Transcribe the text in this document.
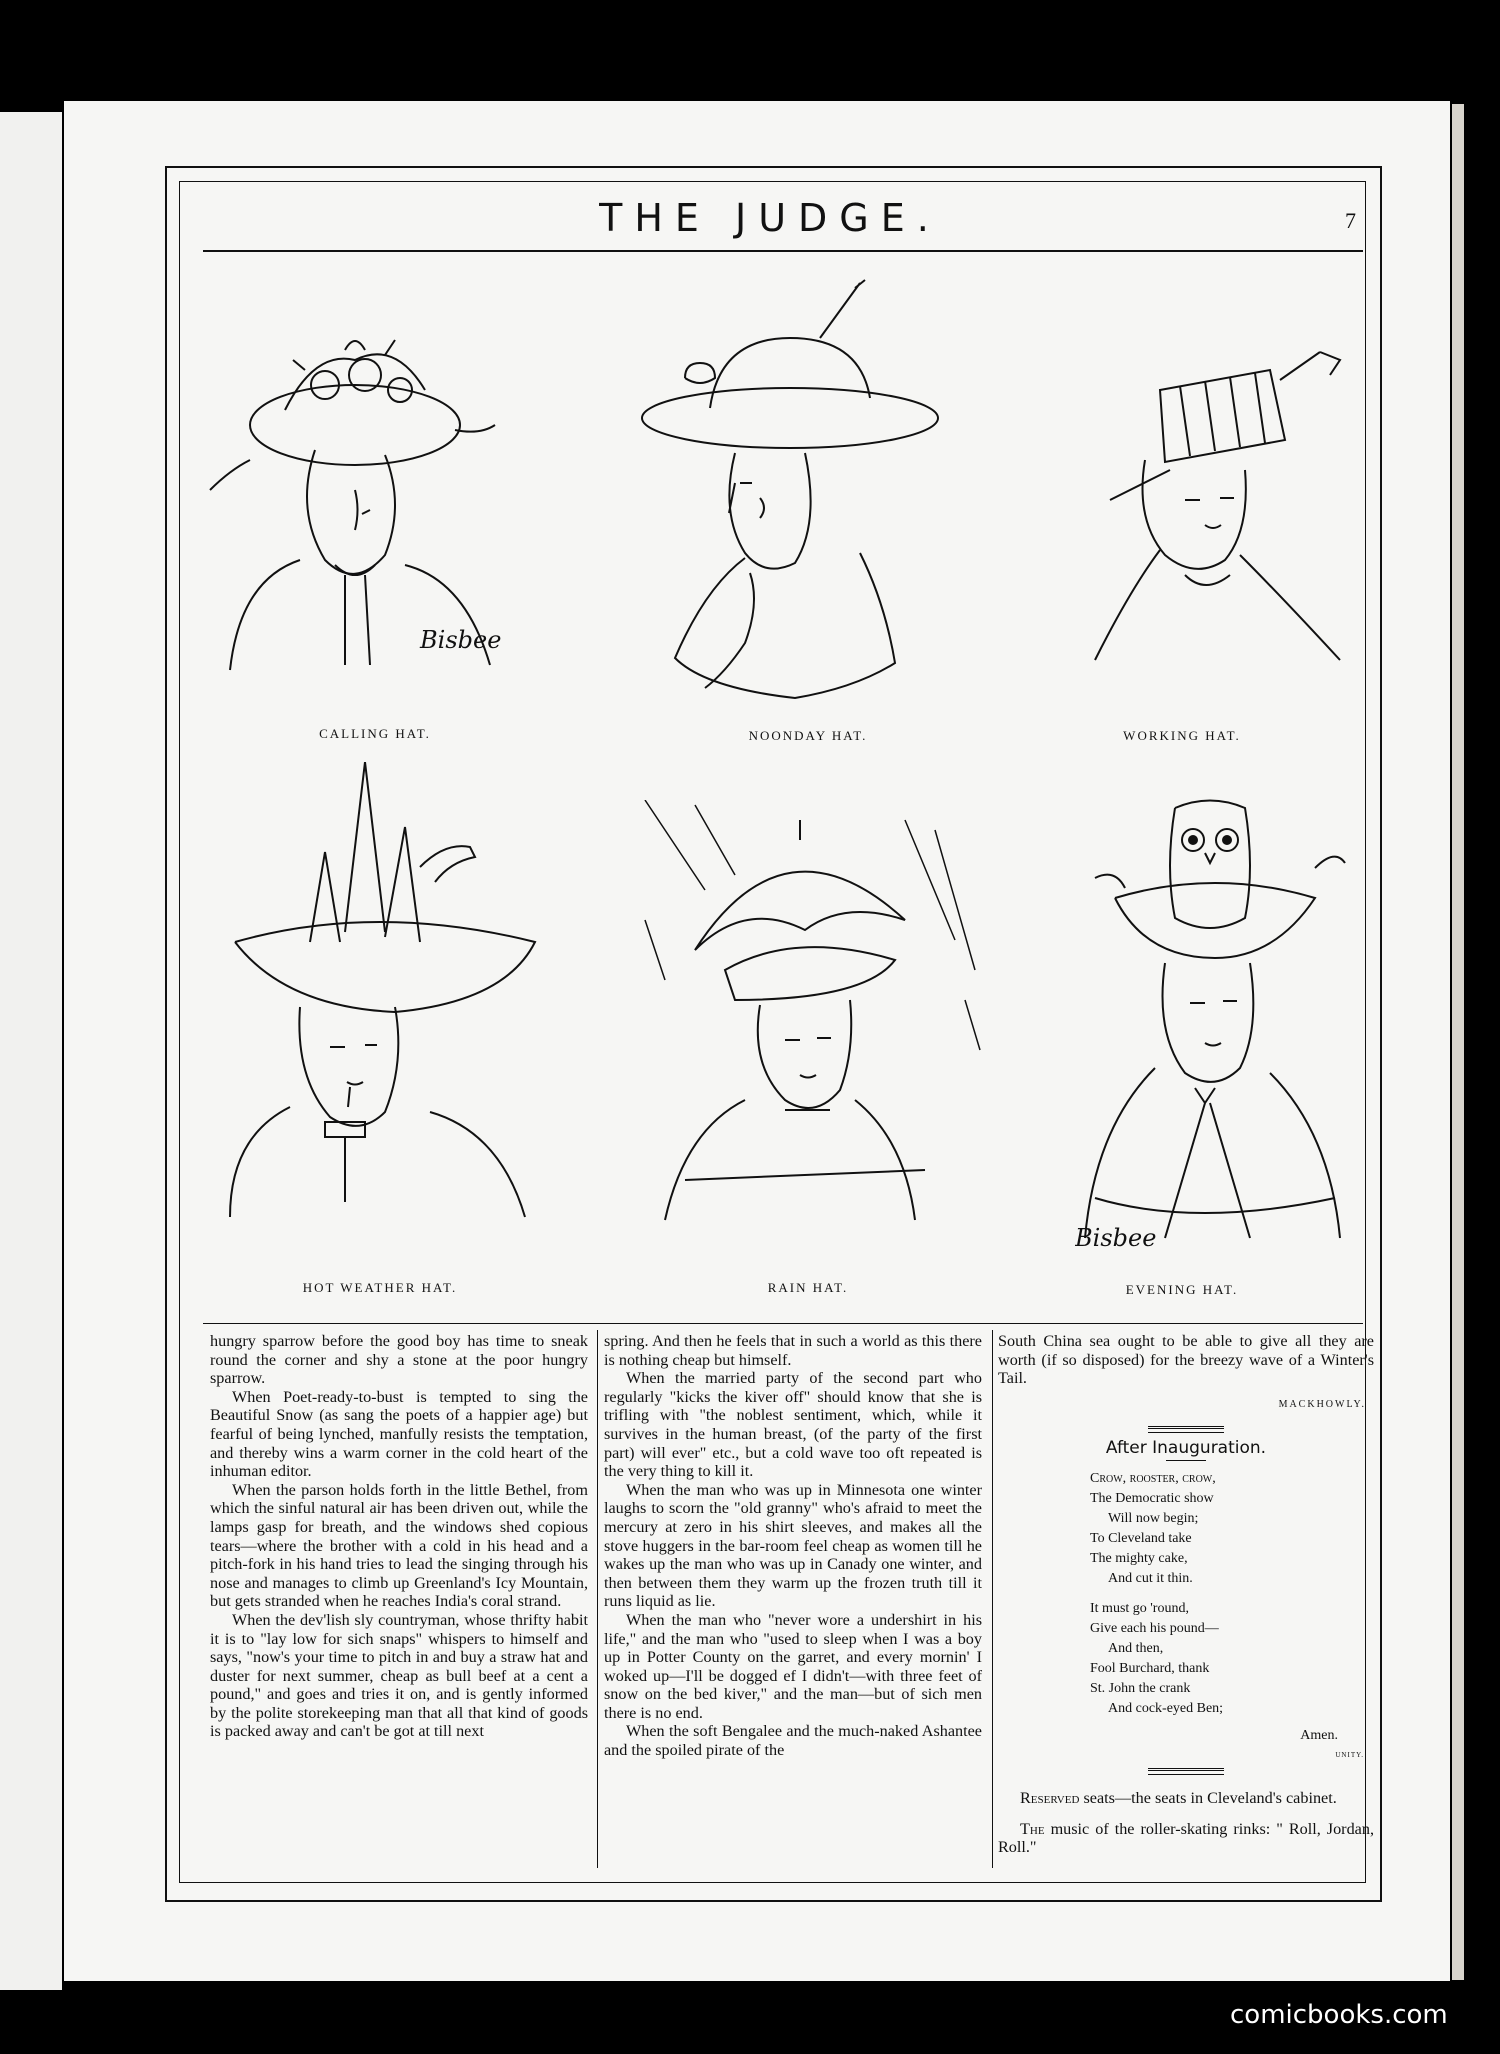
THE JUDGE.	7
Bisbee
CALLING HAT.	NOONDAY HAT.	WORKING HAT.
HOT WEATHER HAT.	RAIN HAT.
Bisbee
EVENING HAT.

hungry sparrow before the good boy has time to sneak round the corner and shy a stone at the poor hungry sparrow.

When Poet-ready-to-bust is tempted to sing the Beautiful Snow (as sang the poets of a happier age) but fearful of being lynched, manfully resists the temptation, and thereby wins a warm corner in the cold heart of the inhuman editor.

When the parson holds forth in the little Bethel, from which the sinful natural air has been driven out, while the lamps gasp for breath, and the windows shed copious tears—where the brother with a cold in his head and a pitch-fork in his hand tries to lead the singing through his nose and manages to climb up Greenland's Icy Mountain, but gets stranded when he reaches India's coral strand.

When the dev'lish sly countryman, whose thrifty habit it is to "lay low for sich snaps" whispers to himself and says, "now's your time to pitch in and buy a straw hat and duster for next summer, cheap as bull beef at a cent a pound," and goes and tries it on, and is gently informed by the polite storekeeping man that all that kind of goods is packed away and can't be got at till next

spring. And then he feels that in such a world as this there is nothing cheap but himself.

When the married party of the second part who regularly "kicks the kiver off" should know that she is trifling with "the noblest sentiment, which, while it survives in the human breast, (of the party of the first part) will ever" etc., but a cold wave too oft repeated is the very thing to kill it.

When the man who was up in Minnesota one winter laughs to scorn the "old granny" who's afraid to meet the mercury at zero in his shirt sleeves, and makes all the stove huggers in the bar-room feel cheap as women till he wakes up the man who was up in Canady one winter, and then between them they warm up the frozen truth till it runs liquid as lie.

When the man who "never wore a undershirt in his life," and the man who "used to sleep when I was a boy up in Potter County on the garret, and every mornin' I woked up—I'll be dogged ef I didn't—with three feet of snow on the bed kiver," and the man—but of sich men there is no end.

When the soft Bengalee and the much-naked Ashantee and the spoiled pirate of the

South China sea ought to be able to give all they are worth (if so disposed) for the breezy wave of a Winter's Tail.

MACKHOWLY.
After Inauguration.
Crow, rooster, crow,
The Democratic show
Will now begin;
To Cleveland take
The mighty cake,
And cut it thin.
It must go 'round,
Give each his pound—
And then,
Fool Burchard, thank
St. John the crank
And cock-eyed Ben;
Amen.
UNITY.

Reserved seats—the seats in Cleveland's cabinet.

The music of the roller-skating rinks: " Roll, Jordan, Roll."

comicbooks.com
